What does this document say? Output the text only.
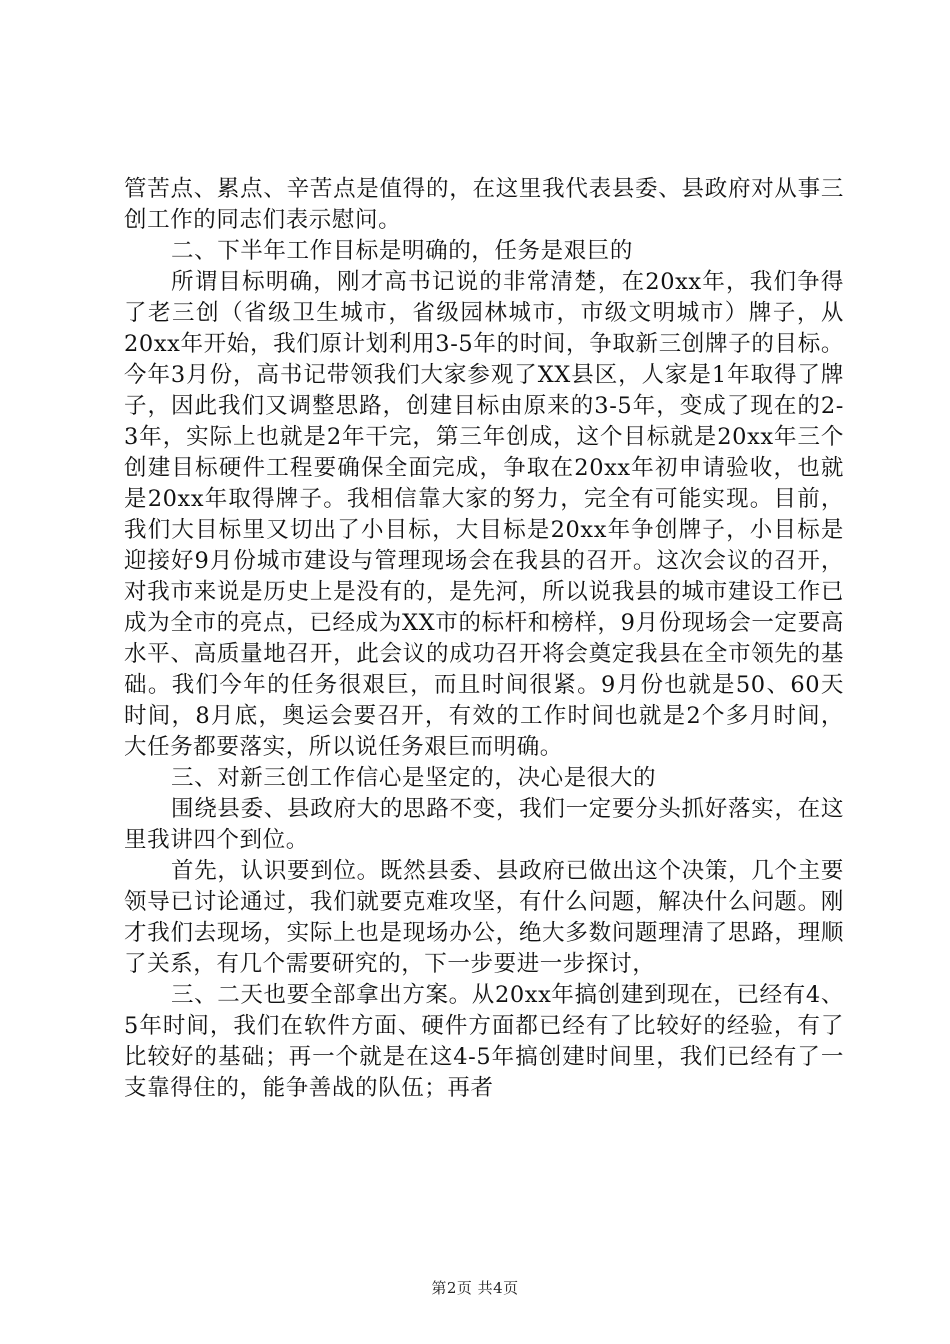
管苦点、累点、辛苦点是值得的，在这里我代表县委、县政府对从事三创工作的同志们表示慰问。

二、下半年工作目标是明确的，任务是艰巨的

所谓目标明确，刚才高书记说的非常清楚，在20xx年，我们争得了老三创（省级卫生城市，省级园林城市，市级文明城市）牌子，从20xx年开始，我们原计划利用3-5年的时间，争取新三创牌子的目标。今年3月份，高书记带领我们大家参观了XX县区，人家是1年取得了牌子，因此我们又调整思路，创建目标由原来的3-5年，变成了现在的2-3年，实际上也就是2年干完，第三年创成，这个目标就是20xx年三个创建目标硬件工程要确保全面完成，争取在20xx年初申请验收，也就是20xx年取得牌子。我相信靠大家的努力，完全有可能实现。目前，我们大目标里又切出了小目标，大目标是20xx年争创牌子，小目标是迎接好9月份城市建设与管理现场会在我县的召开。这次会议的召开，对我市来说是历史上是没有的，是先河，所以说我县的城市建设工作已成为全市的亮点，已经成为XX市的标杆和榜样，9月份现场会一定要高水平、高质量地召开，此会议的成功召开将会奠定我县在全市领先的基础。我们今年的任务很艰巨，而且时间很紧。9月份也就是50、60天时间，8月底，奥运会要召开，有效的工作时间也就是2个多月时间，大任务都要落实，所以说任务艰巨而明确。

三、对新三创工作信心是坚定的，决心是很大的

围绕县委、县政府大的思路不变，我们一定要分头抓好落实，在这里我讲四个到位。

首先，认识要到位。既然县委、县政府已做出这个决策，几个主要领导已讨论通过，我们就要克难攻坚，有什么问题，解决什么问题。刚才我们去现场，实际上也是现场办公，绝大多数问题理清了思路，理顺了关系，有几个需要研究的，下一步要进一步探讨，

三、二天也要全部拿出方案。从20xx年搞创建到现在，已经有4、5年时间，我们在软件方面、硬件方面都已经有了比较好的经验，有了比较好的基础；再一个就是在这4-5年搞创建时间里，我们已经有了一支靠得住的，能争善战的队伍；再者

第2页 共4页
